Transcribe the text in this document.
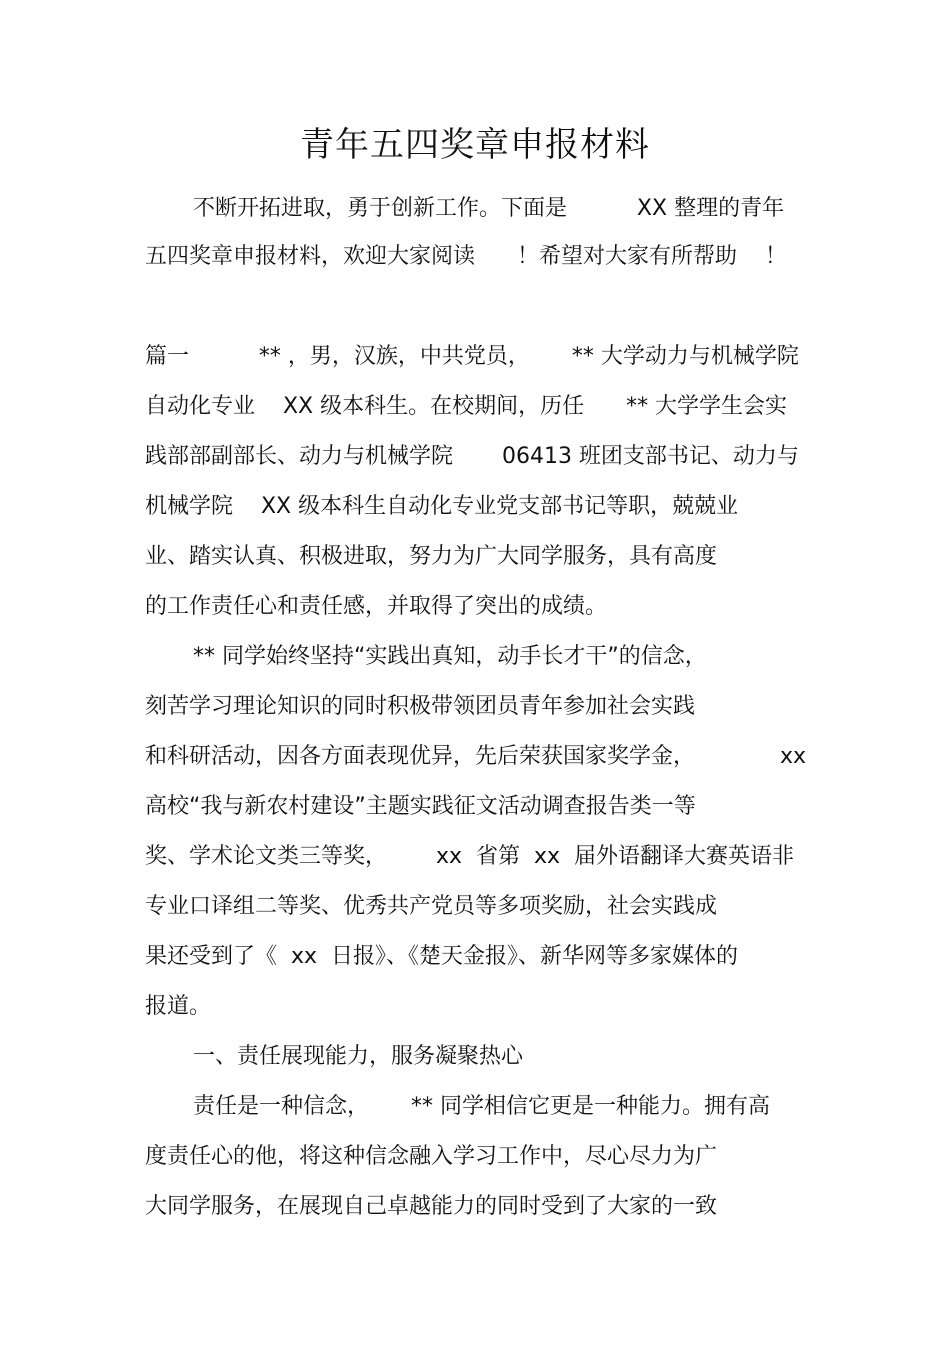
青年五四奖章申报材料
不断开拓进取，勇于创新工作。下面是          XX 整理的青年
五四奖章申报材料，欢迎大家阅读      ！希望对大家有所帮助    ！
篇一          ** ，男，汉族，中共党员，      ** 大学动力与机械学院
自动化专业    XX 级本科生。在校期间，历任      ** 大学学生会实
践部部副部长、动力与机械学院       06413 班团支部书记、动力与
机械学院    XX 级本科生自动化专业党支部书记等职，兢兢业
业、踏实认真、积极进取，努力为广大同学服务，具有高度
的工作责任心和责任感，并取得了突出的成绩。
** 同学始终坚持“实践出真知，动手长才干”的信念，
刻苦学习理论知识的同时积极带领团员青年参加社会实践
和科研活动，因各方面表现优异，先后荣获国家奖学金，	xx
高校“我与新农村建设”主题实践征文活动调查报告类一等
奖、学术论文类三等奖，       xx  省第  xx  届外语翻译大赛英语非
专业口译组二等奖、优秀共产党员等多项奖励，社会实践成
果还受到了《  xx  日报》、《楚天金报》、新华网等多家媒体的
报道。
一、责任展现能力，服务凝聚热心
责任是一种信念，      ** 同学相信它更是一种能力。拥有高
度责任心的他，将这种信念融入学习工作中，尽心尽力为广
大同学服务，在展现自己卓越能力的同时受到了大家的一致
